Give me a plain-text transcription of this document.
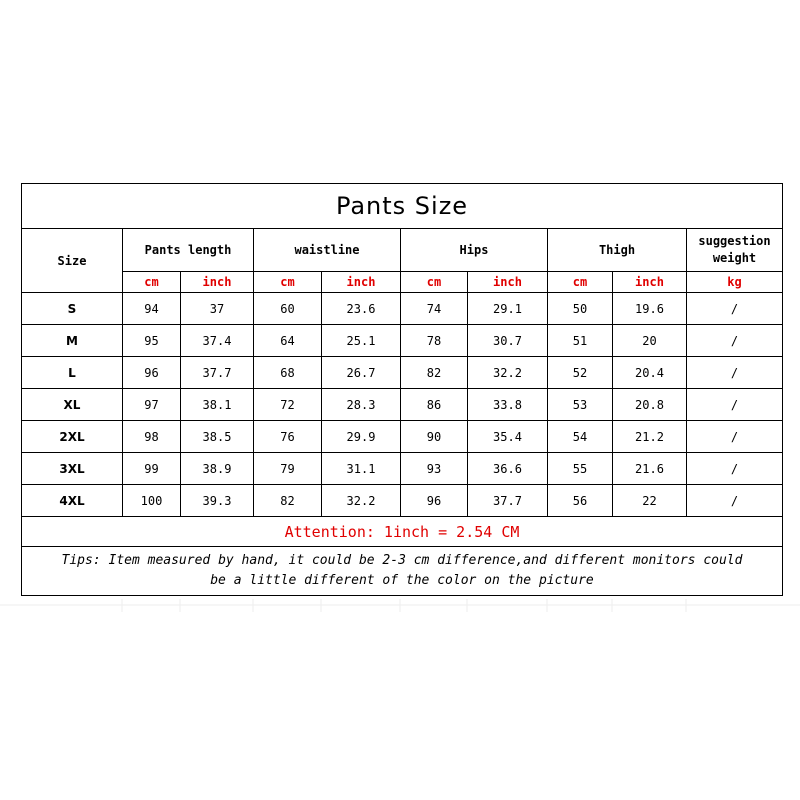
Pants Size									
Size	Pants length		waistline		Hips		Thigh		suggestion
weight

	cm	inch	cm	inch	cm	inch	cm	inch	kg
S	94	37	60	23.6	74	29.1	50	19.6	/
M	95	37.4	64	25.1	78	30.7	51	20	/
L	96	37.7	68	26.7	82	32.2	52	20.4	/
XL	97	38.1	72	28.3	86	33.8	53	20.8	/
2XL	98	38.5	76	29.9	90	35.4	54	21.2	/
3XL	99	38.9	79	31.1	93	36.6	55	21.6	/
4XL	100	39.3	82	32.2	96	37.7	56	22	/
Attention: 1inch = 2.54 CM									

Tips: Item measured by hand, it could be 2-3 cm difference,and different monitors could
be a little different of the color on the picture									
